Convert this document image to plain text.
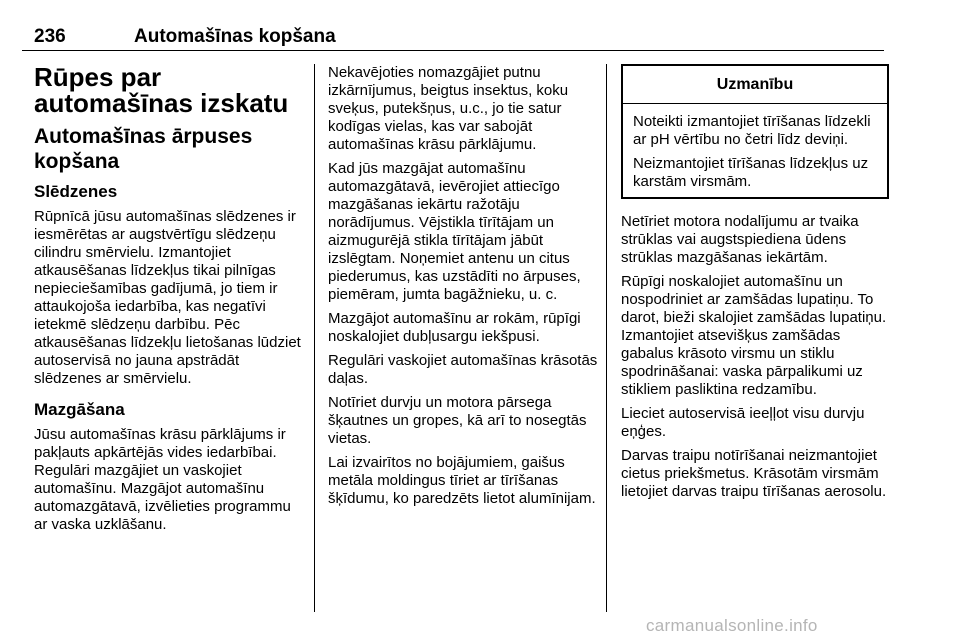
236	Automašīnas kopšana
Rūpes par automašīnas izskatu
Automašīnas ārpuses kopšana
Slēdzenes

Rūpnīcā jūsu automašīnas slēdzenes ir iesmērētas ar augstvērtīgu slēdzeņu cilindru smērvielu. Izmantojiet atkausēšanas līdzekļus tikai pilnīgas nepieciešamības gadījumā, jo tiem ir attaukojoša iedarbība, kas negatīvi ietekmē slēdzeņu darbību. Pēc atkausēšanas līdzekļu lietošanas lūdziet autoservisā no jauna apstrādāt slēdzenes ar smērvielu.

Mazgāšana

Jūsu automašīnas krāsu pārklājums ir pakļauts apkārtējās vides iedarbībai. Regulāri mazgājiet un vaskojiet automašīnu. Mazgājot automašīnu automazgātavā, izvēlieties programmu ar vaska uzklāšanu.

Nekavējoties nomazgājiet putnu izkārnījumus, beigtus insektus, koku sveķus, putekšņus, u.c., jo tie satur kodīgas vielas, kas var sabojāt automašīnas krāsu pārklājumu.

Kad jūs mazgājat automašīnu automazgātavā, ievērojiet attiecīgo mazgāšanas iekārtu ražotāju norādījumus. Vējstikla tīrītājam un aizmugurējā stikla tīrītājam jābūt izslēgtam. Noņemiet antenu un citus piederumus, kas uzstādīti no ārpuses, piemēram, jumta bagāžnieku, u. c.

Mazgājot automašīnu ar rokām, rūpīgi noskalojiet dubļusargu iekšpusi.

Regulāri vaskojiet automašīnas krāsotās daļas.

Notīriet durvju un motora pārsega šķautnes un gropes, kā arī to nosegtās vietas.

Lai izvairītos no bojājumiem, gaišus metāla moldingus tīriet ar tīrīšanas šķīdumu, ko paredzēts lietot alumīnijam.

Uzmanību

Noteikti izmantojiet tīrīšanas līdzekli ar pH vērtību no četri līdz deviņi.

Neizmantojiet tīrīšanas līdzekļus uz karstām virsmām.

Netīriet motora nodalījumu ar tvaika strūklas vai augstspiediena ūdens strūklas mazgāšanas iekārtām.

Rūpīgi noskalojiet automašīnu un nospodriniet ar zamšādas lupatiņu. To darot, bieži skalojiet zamšādas lupatiņu. Izmantojiet atsevišķus zamšādas gabalus krāsoto virsmu un stiklu spodrināšanai: vaska pārpalikumi uz stikliem pasliktina redzamību.

Lieciet autoservisā ieeļļot visu durvju eņģes.

Darvas traipu notīrīšanai neizmantojiet cietus priekšmetus. Krāsotām virsmām lietojiet darvas traipu tīrīšanas aerosolu.

carmanualsonline.info
